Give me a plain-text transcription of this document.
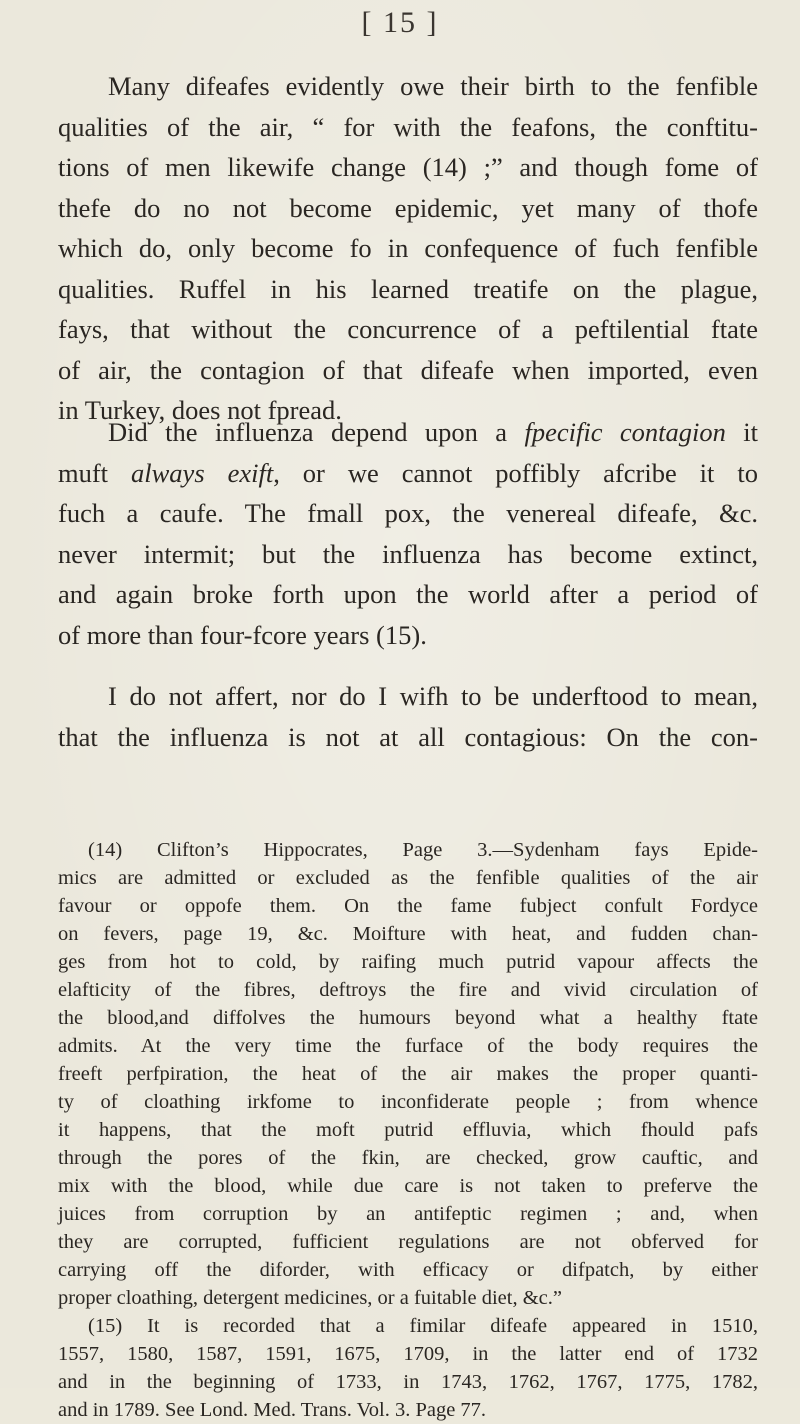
[ 15 ]
Many difeafes evidently owe their birth to the fenfible
qualities of the air, “ for with the feafons, the conftitu-
tions of men likewife change (14) ;” and though fome of
thefe do no not become epidemic, yet many of thofe
which do, only become fo in confequence of fuch fenfible
qualities. Ruffel in his learned treatife on the plague,
fays, that without the concurrence of a peftilential ftate
of air, the contagion of that difeafe when imported, even
in Turkey, does not fpread.
Did the influenza depend upon a fpecific contagion it
muft always exift, or we cannot poffibly afcribe it to
fuch a caufe. The fmall pox, the venereal difeafe, &c.
never intermit; but the influenza has become extinct,
and again broke forth upon the world after a period of
of more than four-fcore years (15).
I do not affert, nor do I wifh to be underftood to mean,
that the influenza is not at all contagious: On the con-
(14) Clifton’s Hippocrates, Page 3.—Sydenham fays Epide-
mics are admitted or excluded as the fenfible qualities of the air
favour or oppofe them. On the fame fubject confult Fordyce
on fevers, page 19, &c. Moifture with heat, and fudden chan-
ges from hot to cold, by raifing much putrid vapour affects the
elafticity of the fibres, deftroys the fire and vivid circulation of
the blood,and diffolves the humours beyond what a healthy ftate
admits. At the very time the furface of the body requires the
freeft perfpiration, the heat of the air makes the proper quanti-
ty of cloathing irkfome to inconfiderate people ; from whence
it happens, that the moft putrid effluvia, which fhould pafs
through the pores of the fkin, are checked, grow cauftic, and
mix with the blood, while due care is not taken to preferve the
juices from corruption by an antifeptic regimen ; and, when
they are corrupted, fufficient regulations are not obferved for
carrying off the diforder, with efficacy or difpatch, by either
proper cloathing, detergent medicines, or a fuitable diet, &c.”
(15) It is recorded that a fimilar difeafe appeared in 1510,
1557, 1580, 1587, 1591, 1675, 1709, in the latter end of 1732
and in the beginning of 1733, in 1743, 1762, 1767, 1775, 1782,
and in 1789. See Lond. Med. Trans. Vol. 3. Page 77.
